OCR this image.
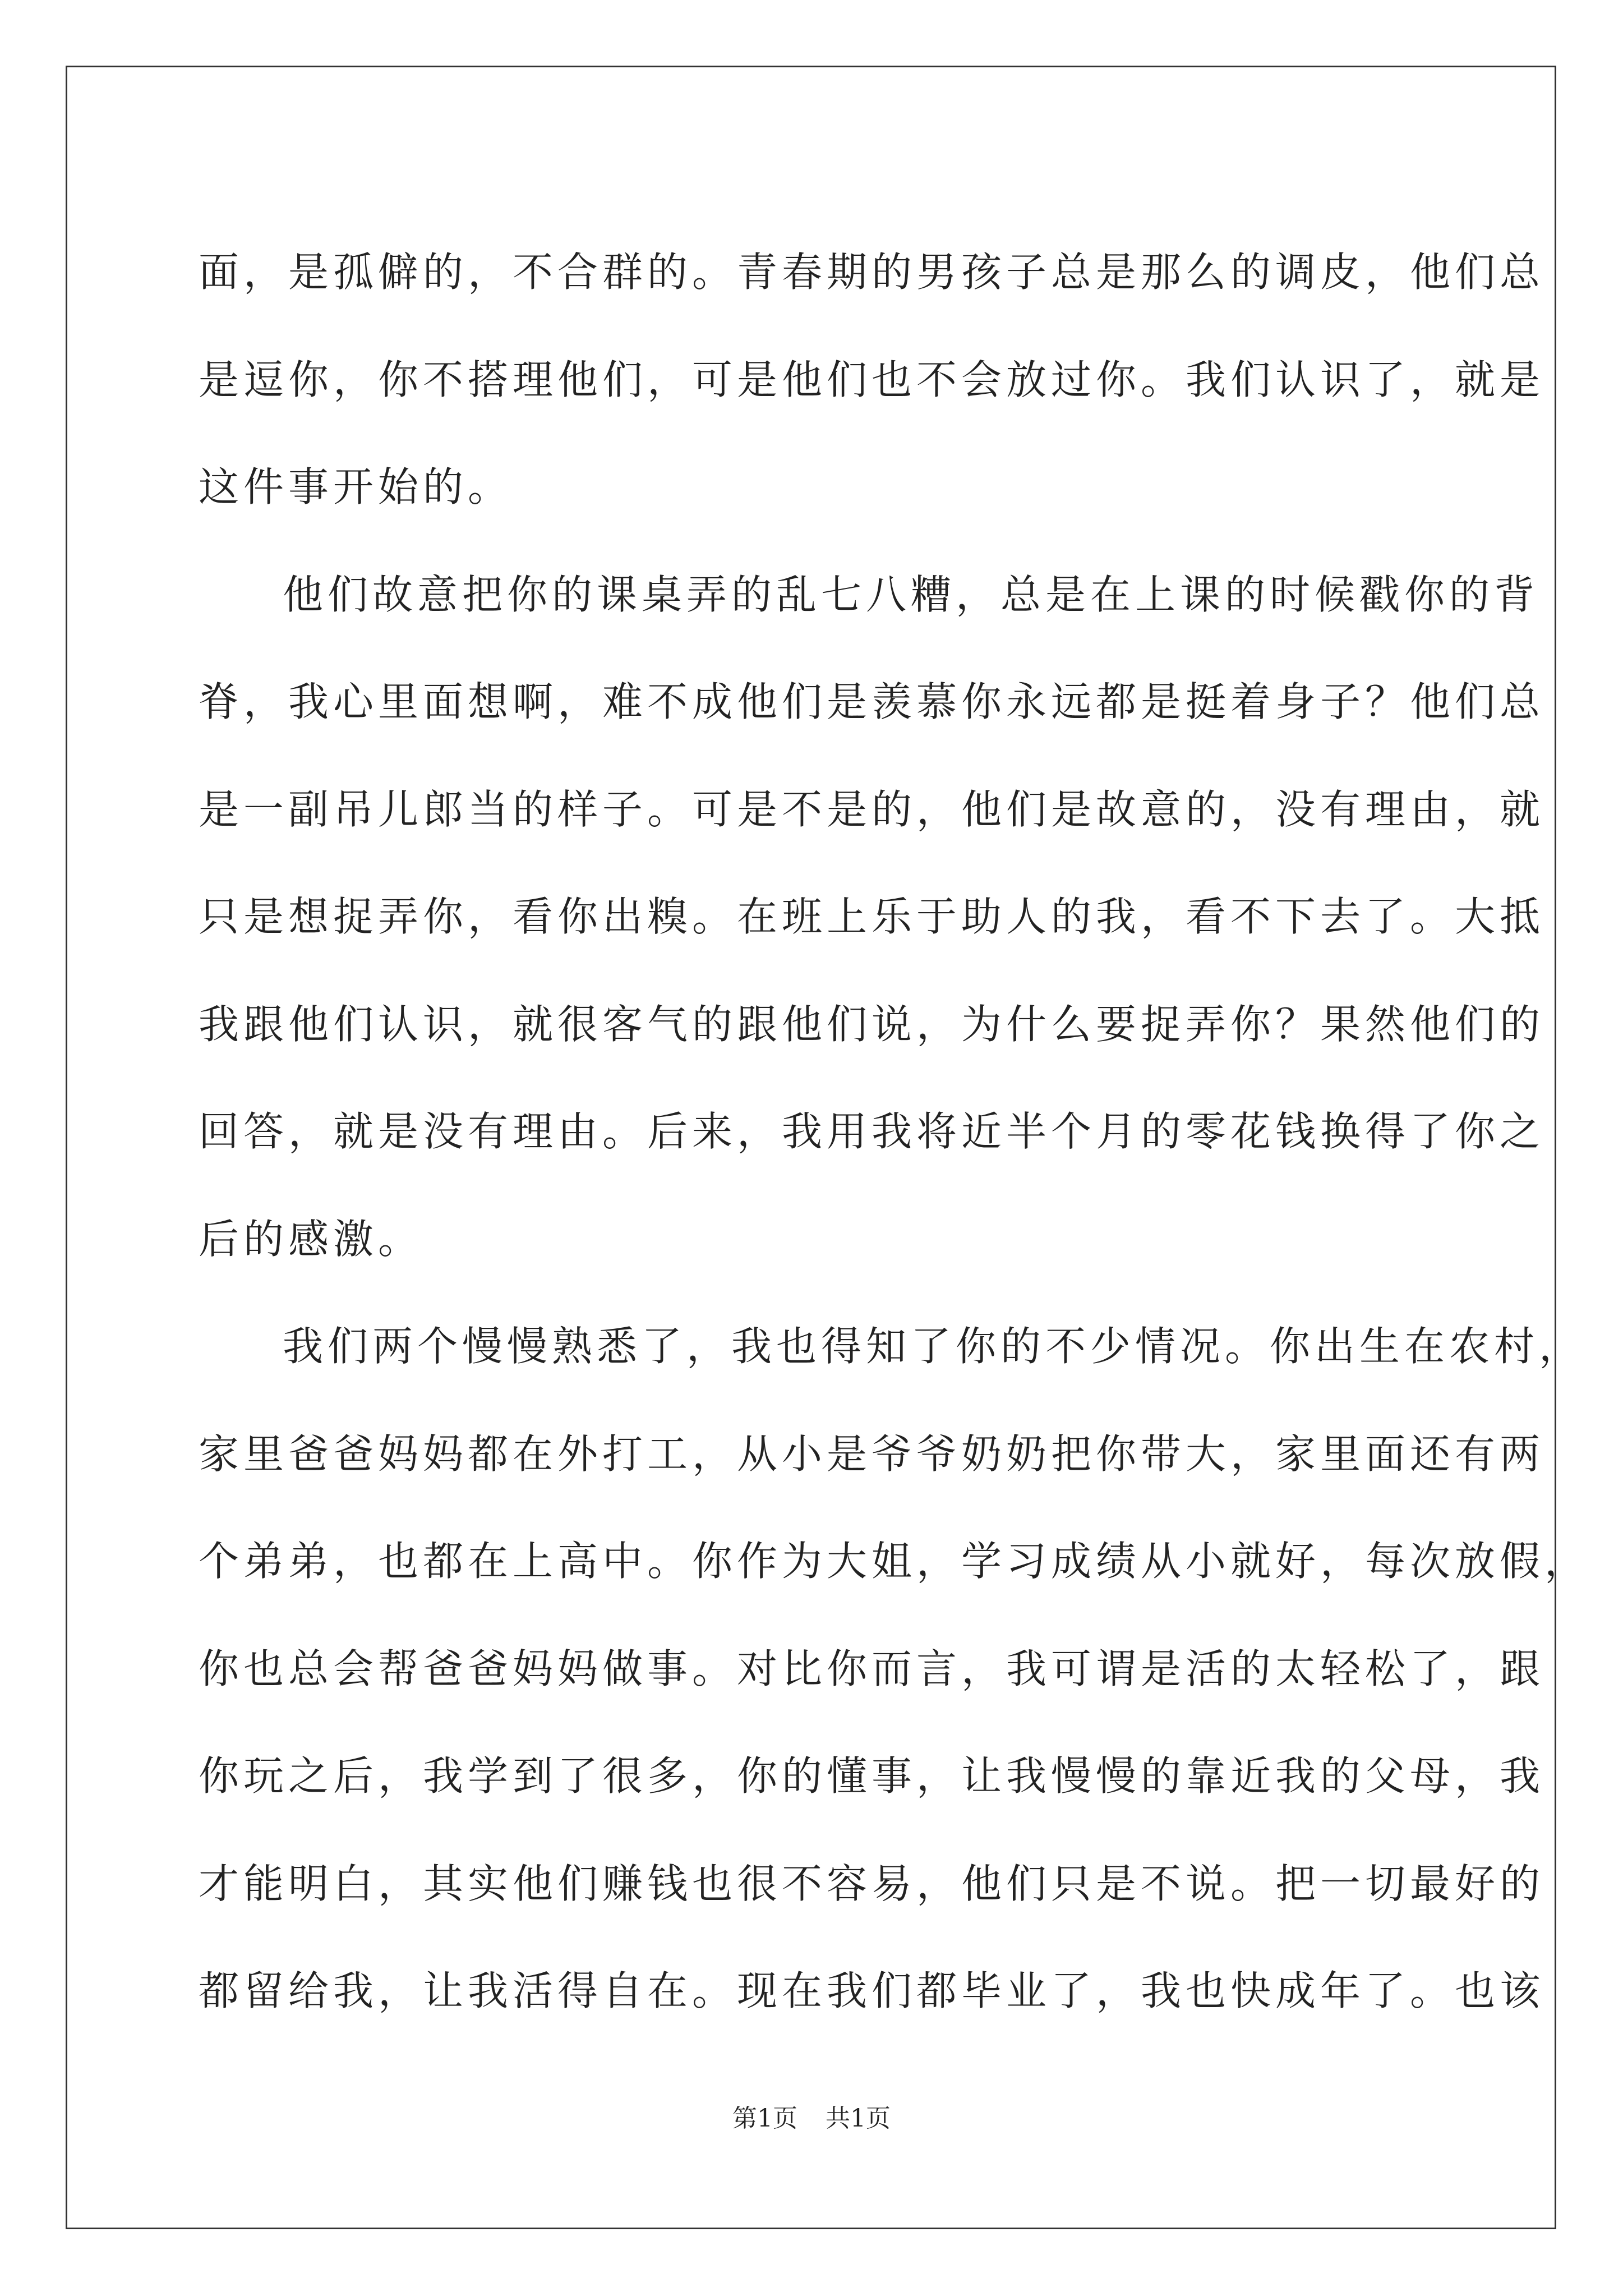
面，是孤僻的，不合群的。青春期的男孩子总是那么的调皮，他们总

是逗你，你不搭理他们，可是他们也不会放过你。我们认识了，就是

这件事开始的。

他们故意把你的课桌弄的乱七八糟，总是在上课的时候戳你的背

脊，我心里面想啊，难不成他们是羡慕你永远都是挺着身子？他们总

是一副吊儿郎当的样子。可是不是的，他们是故意的，没有理由，就

只是想捉弄你，看你出糗。在班上乐于助人的我，看不下去了。大抵

我跟他们认识，就很客气的跟他们说，为什么要捉弄你？果然他们的

回答，就是没有理由。后来，我用我将近半个月的零花钱换得了你之

后的感激。

我们两个慢慢熟悉了，我也得知了你的不少情况。你出生在农村，

家里爸爸妈妈都在外打工，从小是爷爷奶奶把你带大，家里面还有两

个弟弟，也都在上高中。你作为大姐，学习成绩从小就好，每次放假，

你也总会帮爸爸妈妈做事。对比你而言，我可谓是活的太轻松了，跟

你玩之后，我学到了很多，你的懂事，让我慢慢的靠近我的父母，我

才能明白，其实他们赚钱也很不容易，他们只是不说。把一切最好的

都留给我，让我活得自在。现在我们都毕业了，我也快成年了。也该

第1页 共1页
